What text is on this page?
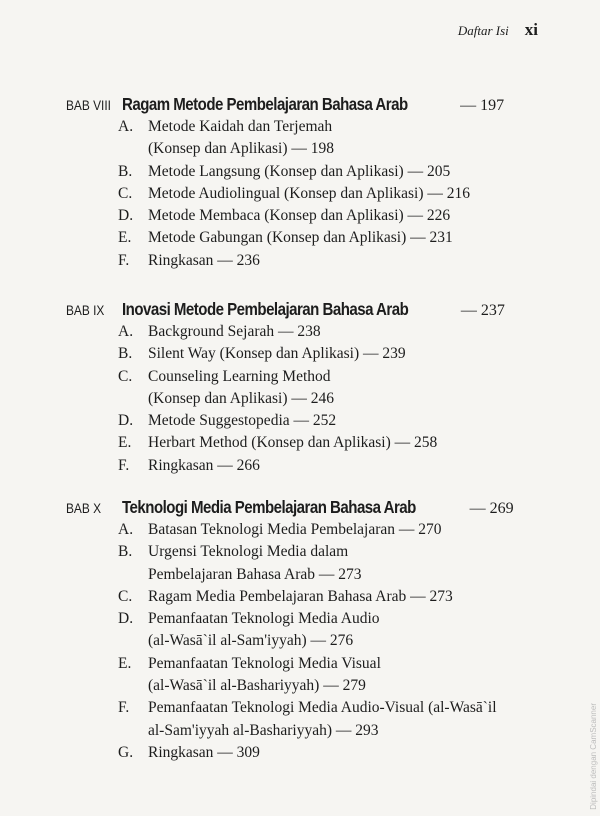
Daftar Isi xi
BAB VIII Ragam Metode Pembelajaran Bahasa Arab	— 197
A. Metode Kaidah dan Terjemah
(Konsep dan Aplikasi) — 198
B.	Metode Langsung (Konsep dan Aplikasi) — 205
C.	Metode Audiolingual (Konsep dan Aplikasi) — 216
D. Metode Membaca (Konsep dan Aplikasi) — 226
E.	Metode Gabungan (Konsep dan Aplikasi) — 231
F.	Ringkasan — 236
BAB IX	Inovasi Metode Pembelajaran Bahasa Arab	— 237
A. Background Sejarah — 238
B.	Silent Way (Konsep dan Aplikasi) — 239
C.	Counseling Learning Method
(Konsep dan Aplikasi) — 246
D. Metode Suggestopedia — 252
E.	Herbart Method (Konsep dan Aplikasi) — 258
F.	Ringkasan — 266
BAB X	Teknologi Media Pembelajaran Bahasa Arab	— 269
A. Batasan Teknologi Media Pembelajaran — 270
B.	Urgensi Teknologi Media dalam
Pembelajaran Bahasa Arab — 273
C.	Ragam Media Pembelajaran Bahasa Arab — 273
D. Pemanfaatan Teknologi Media Audio
(al-Wasā`il al-Sam'iyyah) — 276
E.	Pemanfaatan Teknologi Media Visual
(al-Wasā`il al-Bashariyyah) — 279
F.	Pemanfaatan Teknologi Media Audio-Visual (al-Wasā`il
al-Sam'iyyah al-Bashariyyah) — 293
G. Ringkasan — 309	Dipindai dengan CamScanner
